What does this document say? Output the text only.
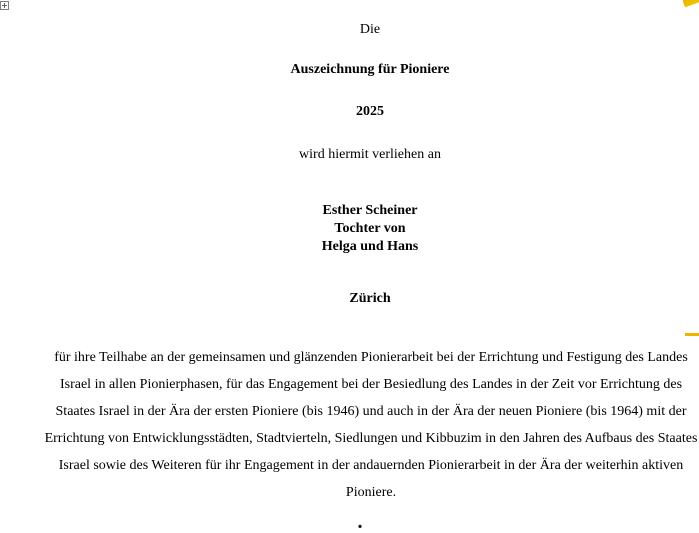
Die
Auszeichnung für Pioniere
2025
wird hiermit verliehen an
Esther Scheiner
Tochter von
Helga und Hans
Zürich
für ihre Teilhabe an der gemeinsamen und glänzenden Pionierarbeit bei der Errichtung und Festigung des Landes
Israel in allen Pionierphasen, für das Engagement bei der Besiedlung des Landes in der Zeit vor Errichtung des
Staates Israel in der Ära der ersten Pioniere (bis 1946) und auch in der Ära der neuen Pioniere (bis 1964) mit der
Errichtung von Entwicklungsstädten, Stadtvierteln, Siedlungen und Kibbuzim in den Jahren des Aufbaus des Staates
Israel sowie des Weiteren für ihr Engagement in der andauernden Pionierarbeit in der Ära der weiterhin aktiven
Pioniere.
.
